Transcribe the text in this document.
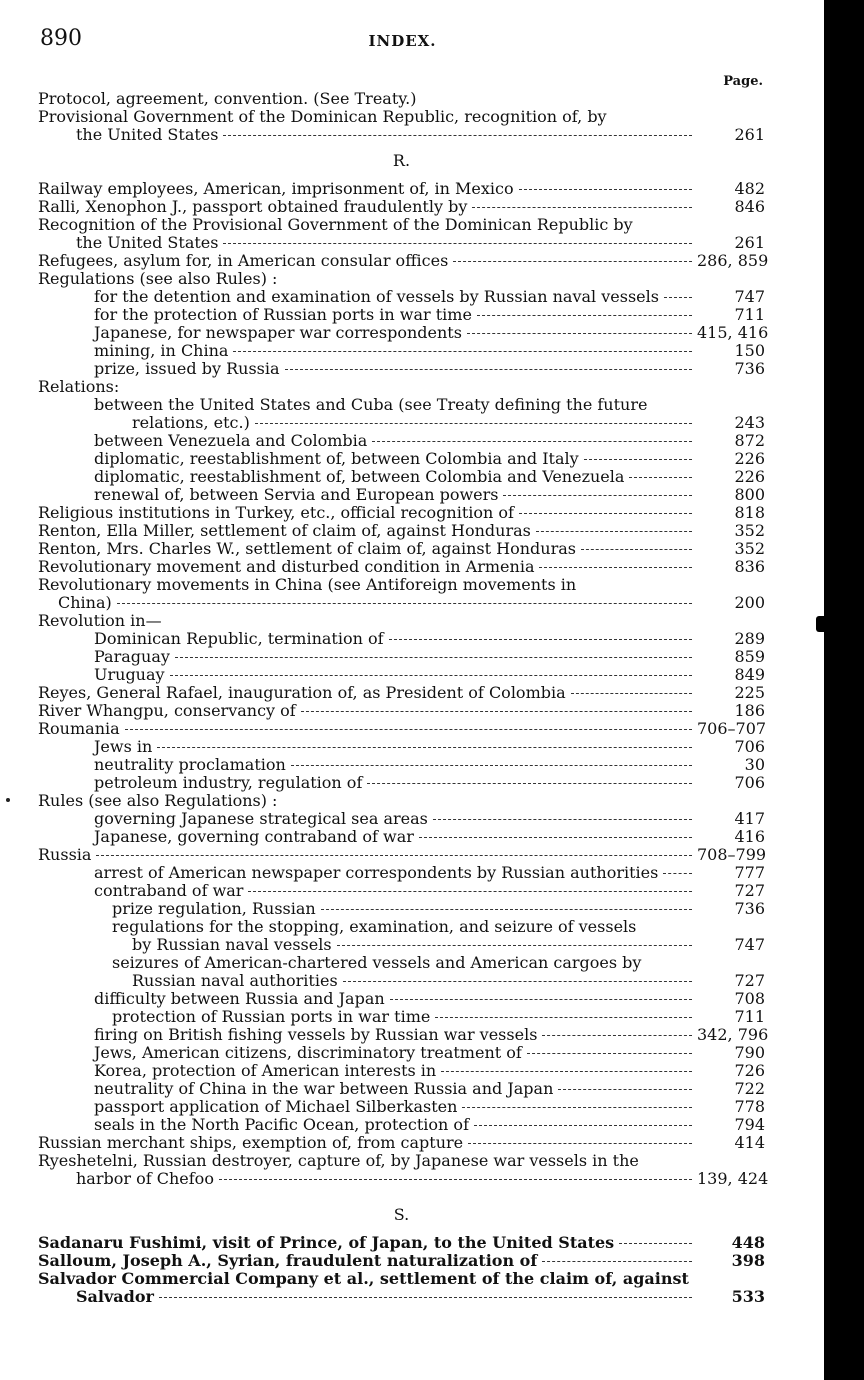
890	INDEX.
Page.
Protocol, agreement, convention. (See Treaty.)
Provisional Government of the Dominican Republic, recognition of, by
the United States	261
R.
Railway employees, American, imprisonment of, in Mexico	482
Ralli, Xenophon J., passport obtained fraudulently by	846
Recognition of the Provisional Government of the Dominican Republic by
the United States	261
Refugees, asylum for, in American consular offices	286, 859
Regulations (see also Rules) :
for the detention and examination of vessels by Russian naval vessels	747
for the protection of Russian ports in war time	711
Japanese, for newspaper war correspondents	415, 416
mining, in China	150
prize, issued by Russia	736
Relations:
between the United States and Cuba (see Treaty defining the future
relations, etc.)	243
between Venezuela and Colombia	872
diplomatic, reestablishment of, between Colombia and Italy	226
diplomatic, reestablishment of, between Colombia and Venezuela	226
renewal of, between Servia and European powers	800
Religious institutions in Turkey, etc., official recognition of	818
Renton, Ella Miller, settlement of claim of, against Honduras	352
Renton, Mrs. Charles W., settlement of claim of, against Honduras	352
Revolutionary movement and disturbed condition in Armenia	836
Revolutionary movements in China (see Antiforeign movements in
China)	200
Revolution in—
Dominican Republic, termination of	289
Paraguay	859
Uruguay	849
Reyes, General Rafael, inauguration of, as President of Colombia	225
River Whangpu, conservancy of	186
Roumania	706–707
Jews in	706
neutrality proclamation	30
petroleum industry, regulation of	706
Rules (see also Regulations) :
governing Japanese strategical sea areas	417
Japanese, governing contraband of war	416
Russia	708–799
arrest of American newspaper correspondents by Russian authorities	777
contraband of war	727
prize regulation, Russian	736
regulations for the stopping, examination, and seizure of vessels
by Russian naval vessels	747
seizures of American-chartered vessels and American cargoes by
Russian naval authorities	727
difficulty between Russia and Japan	708
protection of Russian ports in war time	711
firing on British fishing vessels by Russian war vessels	342, 796
Jews, American citizens, discriminatory treatment of	790
Korea, protection of American interests in	726
neutrality of China in the war between Russia and Japan	722
passport application of Michael Silberkasten	778
seals in the North Pacific Ocean, protection of	794
Russian merchant ships, exemption of, from capture	414
Ryeshetelni, Russian destroyer, capture of, by Japanese war vessels in the
harbor of Chefoo	139, 424
S.
Sadanaru Fushimi, visit of Prince, of Japan, to the United States	448
Salloum, Joseph A., Syrian, fraudulent naturalization of	398
Salvador Commercial Company et al., settlement of the claim of, against
Salvador	533
